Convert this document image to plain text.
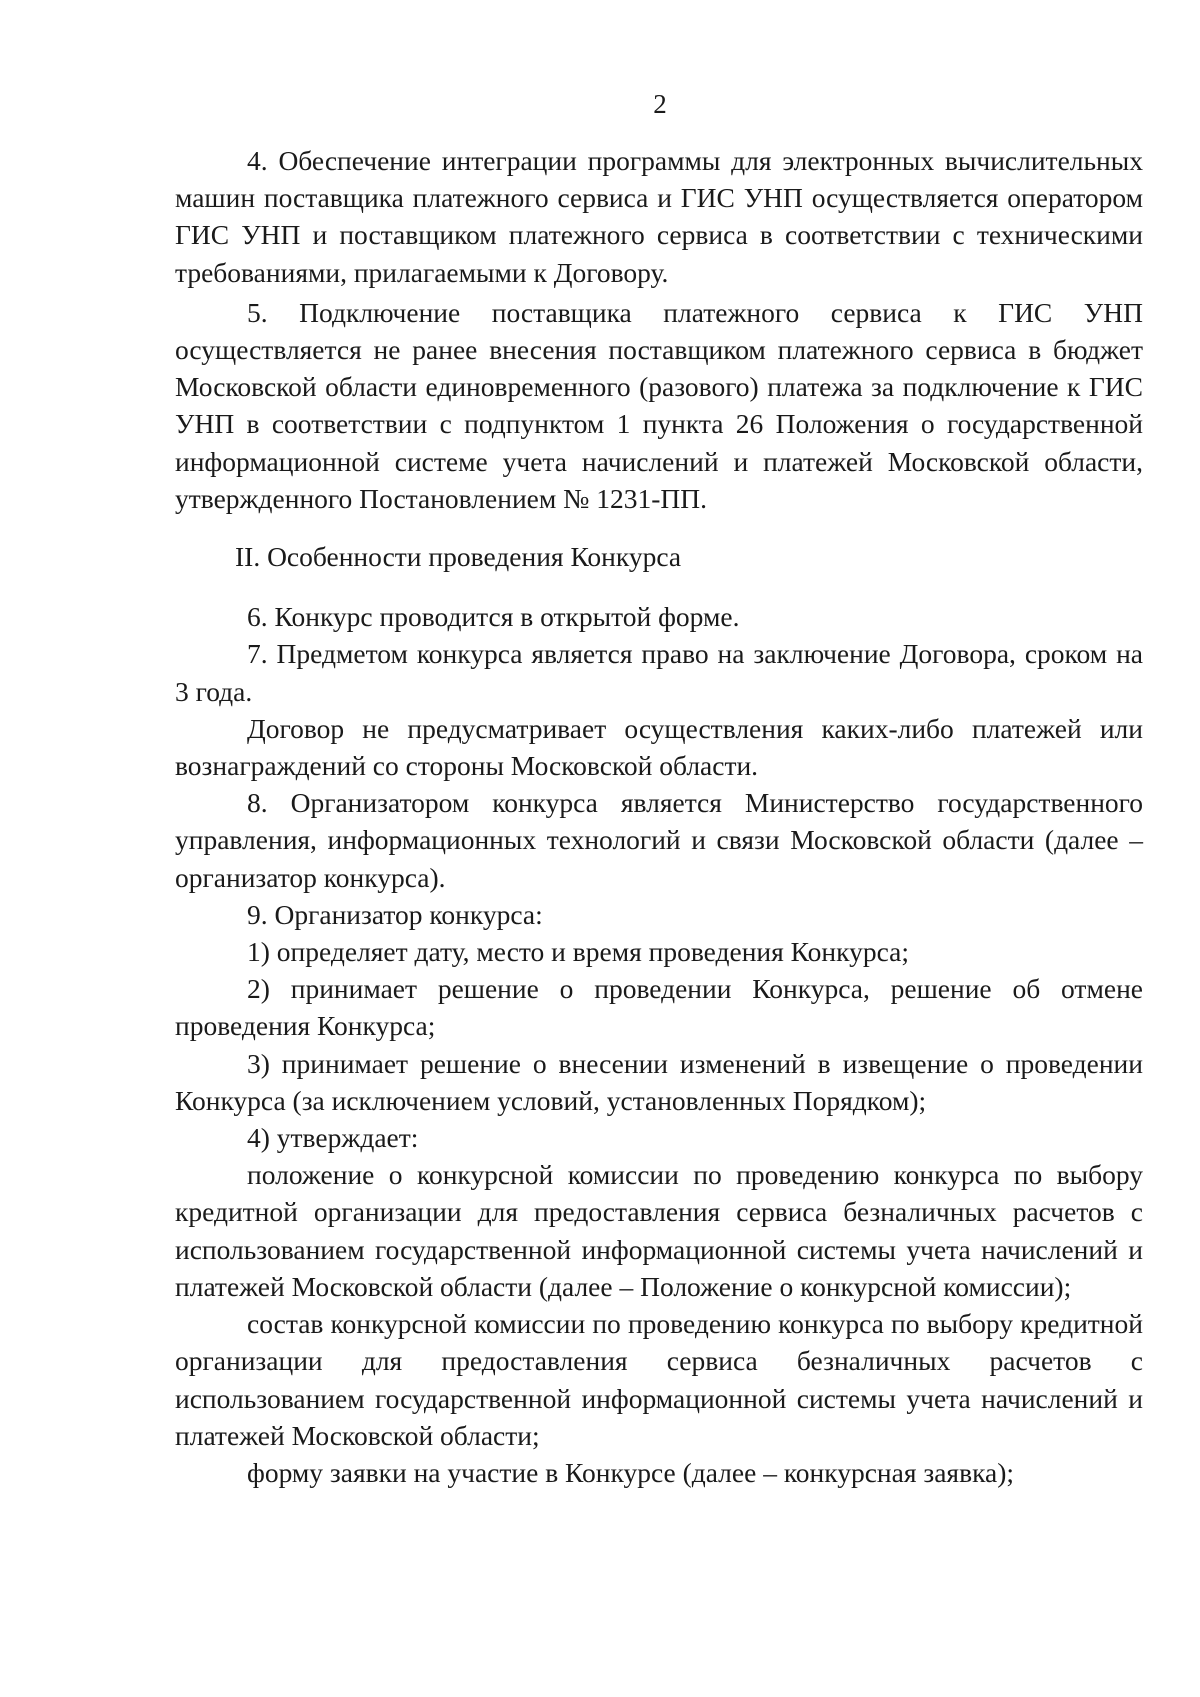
2

4. Обеспечение интеграции программы для электронных вычислительных машин поставщика платежного сервиса и ГИС УНП осуществляется оператором ГИС УНП и поставщиком платежного сервиса в соответствии с техническими требованиями, прилагаемыми к Договору.

5. Подключение поставщика платежного сервиса к ГИС УНП осуществляется не ранее внесения поставщиком платежного сервиса в бюджет Московской области единовременного (разового) платежа за подключение к ГИС УНП в соответствии с подпунктом 1 пункта 26 Положения о государственной информационной системе учета начислений и платежей Московской области, утвержденного Постановлением № 1231-ПП.

II. Особенности проведения Конкурса

6. Конкурс проводится в открытой форме.

7. Предметом конкурса является право на заключение Договора, сроком на 3 года.

Договор не предусматривает осуществления каких-либо платежей или вознаграждений со стороны Московской области.

8. Организатором конкурса является Министерство государственного управления, информационных технологий и связи Московской области (далее – организатор конкурса).

9. Организатор конкурса:

1) определяет дату, место и время проведения Конкурса;

2) принимает решение о проведении Конкурса, решение об отмене проведения Конкурса;

3) принимает решение о внесении изменений в извещение о проведении Конкурса (за исключением условий, установленных Порядком);

4) утверждает:

положение о конкурсной комиссии по проведению конкурса по выбору кредитной организации для предоставления сервиса безналичных расчетов с использованием государственной информационной системы учета начислений и платежей Московской области (далее – Положение о конкурсной комиссии);

состав конкурсной комиссии по проведению конкурса по выбору кредитной организации для предоставления сервиса безналичных расчетов с использованием государственной информационной системы учета начислений и платежей Московской области;

форму заявки на участие в Конкурсе (далее – конкурсная заявка);
